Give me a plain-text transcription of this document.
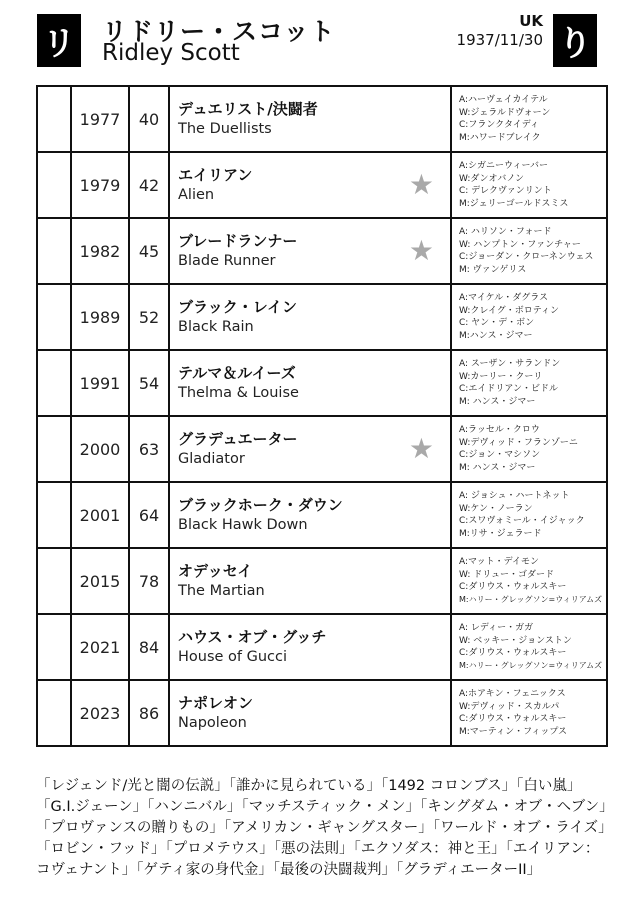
リ リドリー・スコット
Ridley Scott
UK
1937/11/30 り
	1977	40	
デュエリスト/決闘者
The Duellists

A:ハーヴェイカイテル
W:ジェラルドヴォーン
C:フランクタイディ
M:ハワードブレイク

	1979	42	
エイリアン
Alien	★

A:シガニーウィーバー
W:ダンオバノン
C: デレクヴァンリント
M:ジェリーゴールドスミス

	1982	45	
ブレードランナー
Blade Runner	★

A: ハリソン・フォード
W: ハンプトン・ファンチャー
C:ジョーダン・クローネンウェス
M: ヴァンゲリス

	1989	52	
ブラック・レイン
Black Rain

A:マイケル・ダグラス
W:クレイグ・ボロティン
C: ヤン・デ・ボン
M:ハンス・ジマー

	1991	54	
テルマ＆ルイーズ
Thelma & Louise

A: スーザン・サランドン
W:カーリー・クーリ
C:エイドリアン・ビドル
M: ハンス・ジマー

	2000	63	
グラデュエーター
Gladiator	★

A:ラッセル・クロウ
W:デヴィッド・フランゾーニ
C:ジョン・マシソン
M: ハンス・ジマー

	2001	64	
ブラックホーク・ダウン
Black Hawk Down

A: ジョシュ・ハートネット
W:ケン・ノーラン
C:スワヴォミール・イジャック
M:リサ・ジェラード

	2015	78	
オデッセイ
The Martian

A:マット・デイモン
W: ドリュー・ゴダード
C:ダリウス・ウォルスキー
M:ハリー・グレッグソン=ウィリアムズ

	2021	84	
ハウス・オブ・グッチ
House of Gucci

A: レディー・ガガ
W: ベッキー・ジョンストン
C:ダリウス・ウォルスキー
M:ハリー・グレッグソン=ウィリアムズ

	2023	86	
ナポレオン
Napoleon

A:ホアキン・フェニックス
W:デヴィッド・スカルパ
C:ダリウス・ウォルスキー
M:マーティン・フィップス
「レジェンド/光と闇の伝説」「誰かに見られている」「1492 コロンブス」「白い嵐」「G.I.ジェーン」「ハンニバル」「マッチスティック・メン」「キングダム・オブ・ヘブン」「プロヴァンスの贈りもの」「アメリカン・ギャングスター」「ワールド・オブ・ライズ」「ロビン・フッド」「プロメテウス」「悪の法則」「エクソダス：神と王」「エイリアン：コヴェナント」「ゲティ家の身代金」「最後の決闘裁判」「グラディエーターII」
